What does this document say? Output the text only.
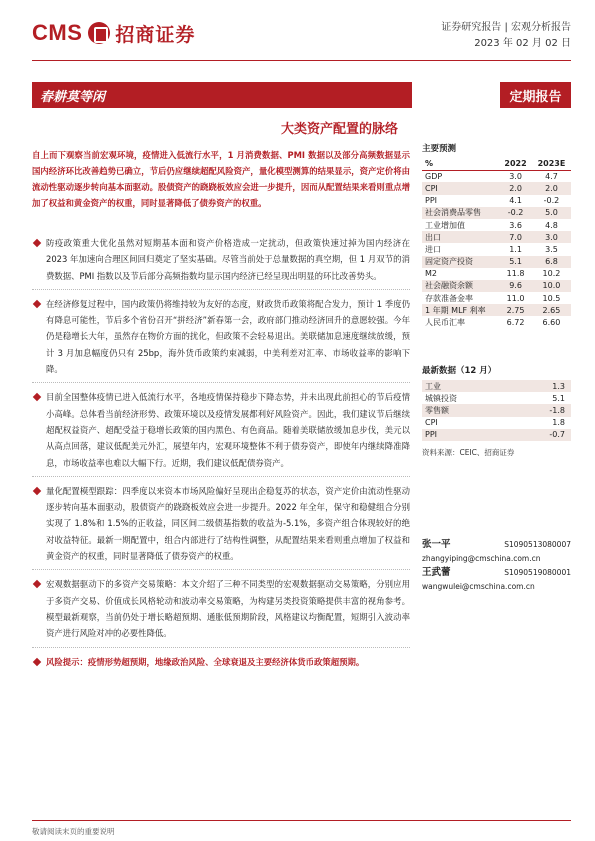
CMS 招商证券	证券研究报告 | 宏观分析报告
2023 年 02 月 02 日
春耕莫等闲	定期报告
大类资产配置的脉络
自上而下观察当前宏观环境，疫情进入低流行水平，1 月消费数据、PMI 数据以及部分高频数据显示国内经济环比改善趋势已确立，节后仍应继续超配风险资产，量化模型测算的结果显示，资产定价将由流动性驱动逐步转向基本面驱动。股债资产的跷跷板效应会进一步提升，因而从配置结果来看则重点增加了权益和黄金资产的权重，同时显著降低了债券资产的权重。
防疫政策重大优化虽然对短期基本面和资产价格造成一定扰动，但政策快速过掉为国内经济在 2023 年加速向合理区间回归奠定了坚实基础。尽管当前处于总量数据的真空期，但 1 月双节的消费数据、PMI 指数以及节后部分高频指数均显示国内经济已经呈现出明显的环比改善势头。
在经济修复过程中，国内政策仍将维持较为友好的态度，财政货币政策将配合发力，预计 1 季度仍有降息可能性，节后多个省份召开“拼经济”新春第一会，政府部门推动经济回升的意愿较强。今年仍是稳增长大年，虽然存在物价方面的扰化，但政策不会轻易退出。美联储加息速度继续放缓，预计 3 月加息幅度仍只有 25bp，海外货币政策约束减弱，中美利差对汇率、市场收益率的影响下降。
目前全国整体疫情已进入低流行水平，各地疫情保持稳步下降态势，并未出现此前担心的节后疫情小高峰。总体看当前经济形势、政策环境以及疫情发展都利好风险资产。因此，我们建议节后继续超配权益资产、超配受益于稳增长政策的国内黑色、有色商品。随着美联储放缓加息步伐，美元以从高点回落，建议低配美元外汇，展望年内，宏观环境整体不利于债券资产，即使年内继续降准降息，市场收益率也难以大幅下行。近期，我们建议低配债券资产。
量化配置模型跟踪：四季度以来资本市场风险偏好呈现出企稳复苏的状态，资产定价由流动性驱动逐步转向基本面驱动，股债资产的跷跷板效应会进一步提升。2022 年全年，保守和稳健组合分别实现了 1.8%和 1.5%的正收益，同区间二级债基指数的收益为-5.1%，多资产组合体现较好的绝对收益特征。最新一期配置中，组合内部进行了结构性调整，从配置结果来看则重点增加了权益和黄金资产的权重，同时显著降低了债券资产的权重。
宏观数据驱动下的多资产交易策略：本文介绍了三种不同类型的宏观数据驱动交易策略，分别应用于多资产交易、价值成长风格轮动和波动率交易策略，为构建另类投资策略提供丰富的视角参考。模型最新观察，当前仍处于增长略超预期、通胀低预期阶段，风格建议均衡配置，短期引入波动率资产进行风险对冲的必要性降低。
风险提示：疫情形势超预期，地缘政治风险、全球衰退及主要经济体货币政策超预期。
主要预测
%	2022	2023E
GDP	3.0	4.7
CPI	2.0	2.0
PPI	4.1	-0.2
社会消费品零售	-0.2	5.0
工业增加值	3.6	4.8
出口	7.0	3.0
进口	1.1	3.5
固定资产投资	5.1	6.8
M2	11.8	10.2
社会融资余额	9.6	10.0
存款准备金率	11.0	10.5
1 年期 MLF 利率	2.75	2.65
人民币汇率	6.72	6.60
最新数据（12 月）
工业	1.3
城镇投资	5.1
零售额	-1.8
CPI	1.8
PPI	-0.7
资料来源：CEIC、招商证券
张一平	S1090513080007
zhangyiping@cmschina.com.cn
王武蕾	S1090519080001
wangwulei@cmschina.com.cn
敬请阅读末页的重要说明
